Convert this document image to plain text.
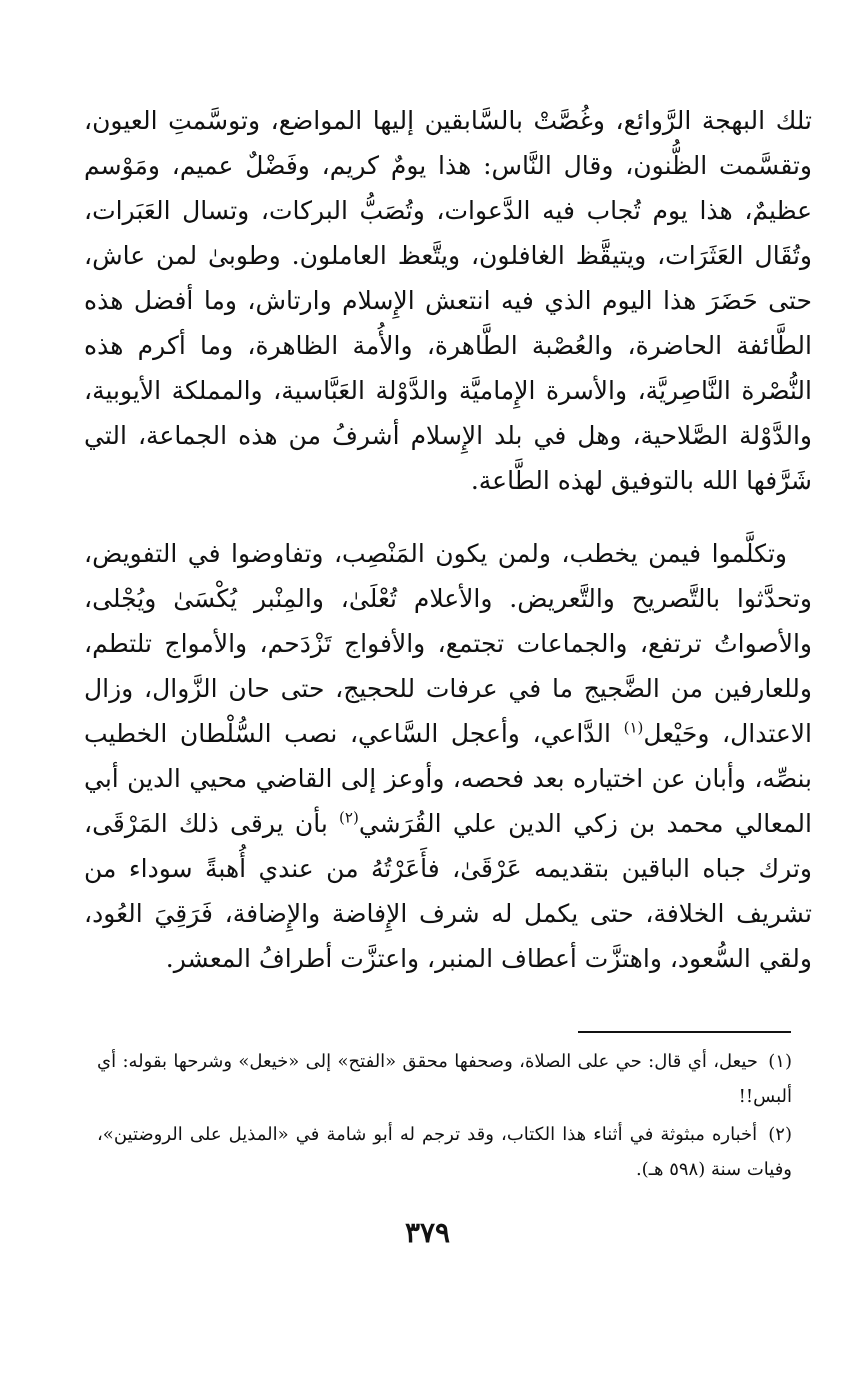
تلك البهجة الرَّوائع، وغُصَّتْ بالسَّابقين إليها المواضع، وتوسَّمتِ العيون، وتقسَّمت الظُّنون، وقال النَّاس: هذا يومٌ كريم، وفَضْلٌ عميم، ومَوْسم عظيمٌ، هذا يوم تُجاب فيه الدَّعوات، وتُصَبُّ البركات، وتسال العَبَرات، وتُقَال العَثَرَات، ويتيقَّظ الغافلون، ويتَّعظ العاملون. وطوبىٰ لمن عاش، حتى حَضَرَ هذا اليوم الذي فيه انتعش الإِسلام وارتاش، وما أفضل هذه الطَّائفة الحاضرة، والعُصْبة الطَّاهرة، والأُمة الظاهرة، وما أكرم هذه النُّصْرة النَّاصِريَّة، والأسرة الإِماميَّة والدَّوْلة العَبَّاسية، والمملكة الأيوبية، والدَّوْلة الصَّلاحية، وهل في بلد الإِسلام أشرفُ من هذه الجماعة، التي شَرَّفها الله بالتوفيق لهذه الطَّاعة.

وتكلَّموا فيمن يخطب، ولمن يكون المَنْصِب، وتفاوضوا في التفويض، وتحدَّثوا بالتَّصريح والتَّعريض. والأعلام تُعْلَىٰ، والمِنْبر يُكْسَىٰ ويُجْلى، والأصواتُ ترتفع، والجماعات تجتمع، والأفواج تَزْدَحم، والأمواج تلتطم، وللعارفين من الضَّجيج ما في عرفات للحجيج، حتى حان الزَّوال، وزال الاعتدال، وحَيْعل$^{(١)}$ الدَّاعي، وأعجل السَّاعي، نصب السُّلْطان الخطيب بنصِّه، وأبان عن اختياره بعد فحصه، وأوعز إلى القاضي محيي الدين أبي المعالي محمد بن زكي الدين علي القُرَشي$^{(٢)}$ بأن يرقى ذلك المَرْقَى، وترك جباه الباقين بتقديمه عَرْقَىٰ، فأَعَرْتُهُ من عندي أُهبةً سوداء من تشريف الخلافة، حتى يكمل له شرف الإِفاضة والإِضافة، فَرَقِيَ العُود، ولقي السُّعود، واهتزَّت أعطاف المنبر، واعتزَّت أطرافُ المعشر.

(١) حيعل، أي قال: حي على الصلاة، وصحفها محقق «الفتح» إلى «خيعل» وشرحها بقوله: أي ألبس!!

(٢) أخباره مبثوثة في أثناء هذا الكتاب، وقد ترجم له أبو شامة في «المذيل على الروضتين»، وفيات سنة (٥٩٨ هـ).

٣٧٩
